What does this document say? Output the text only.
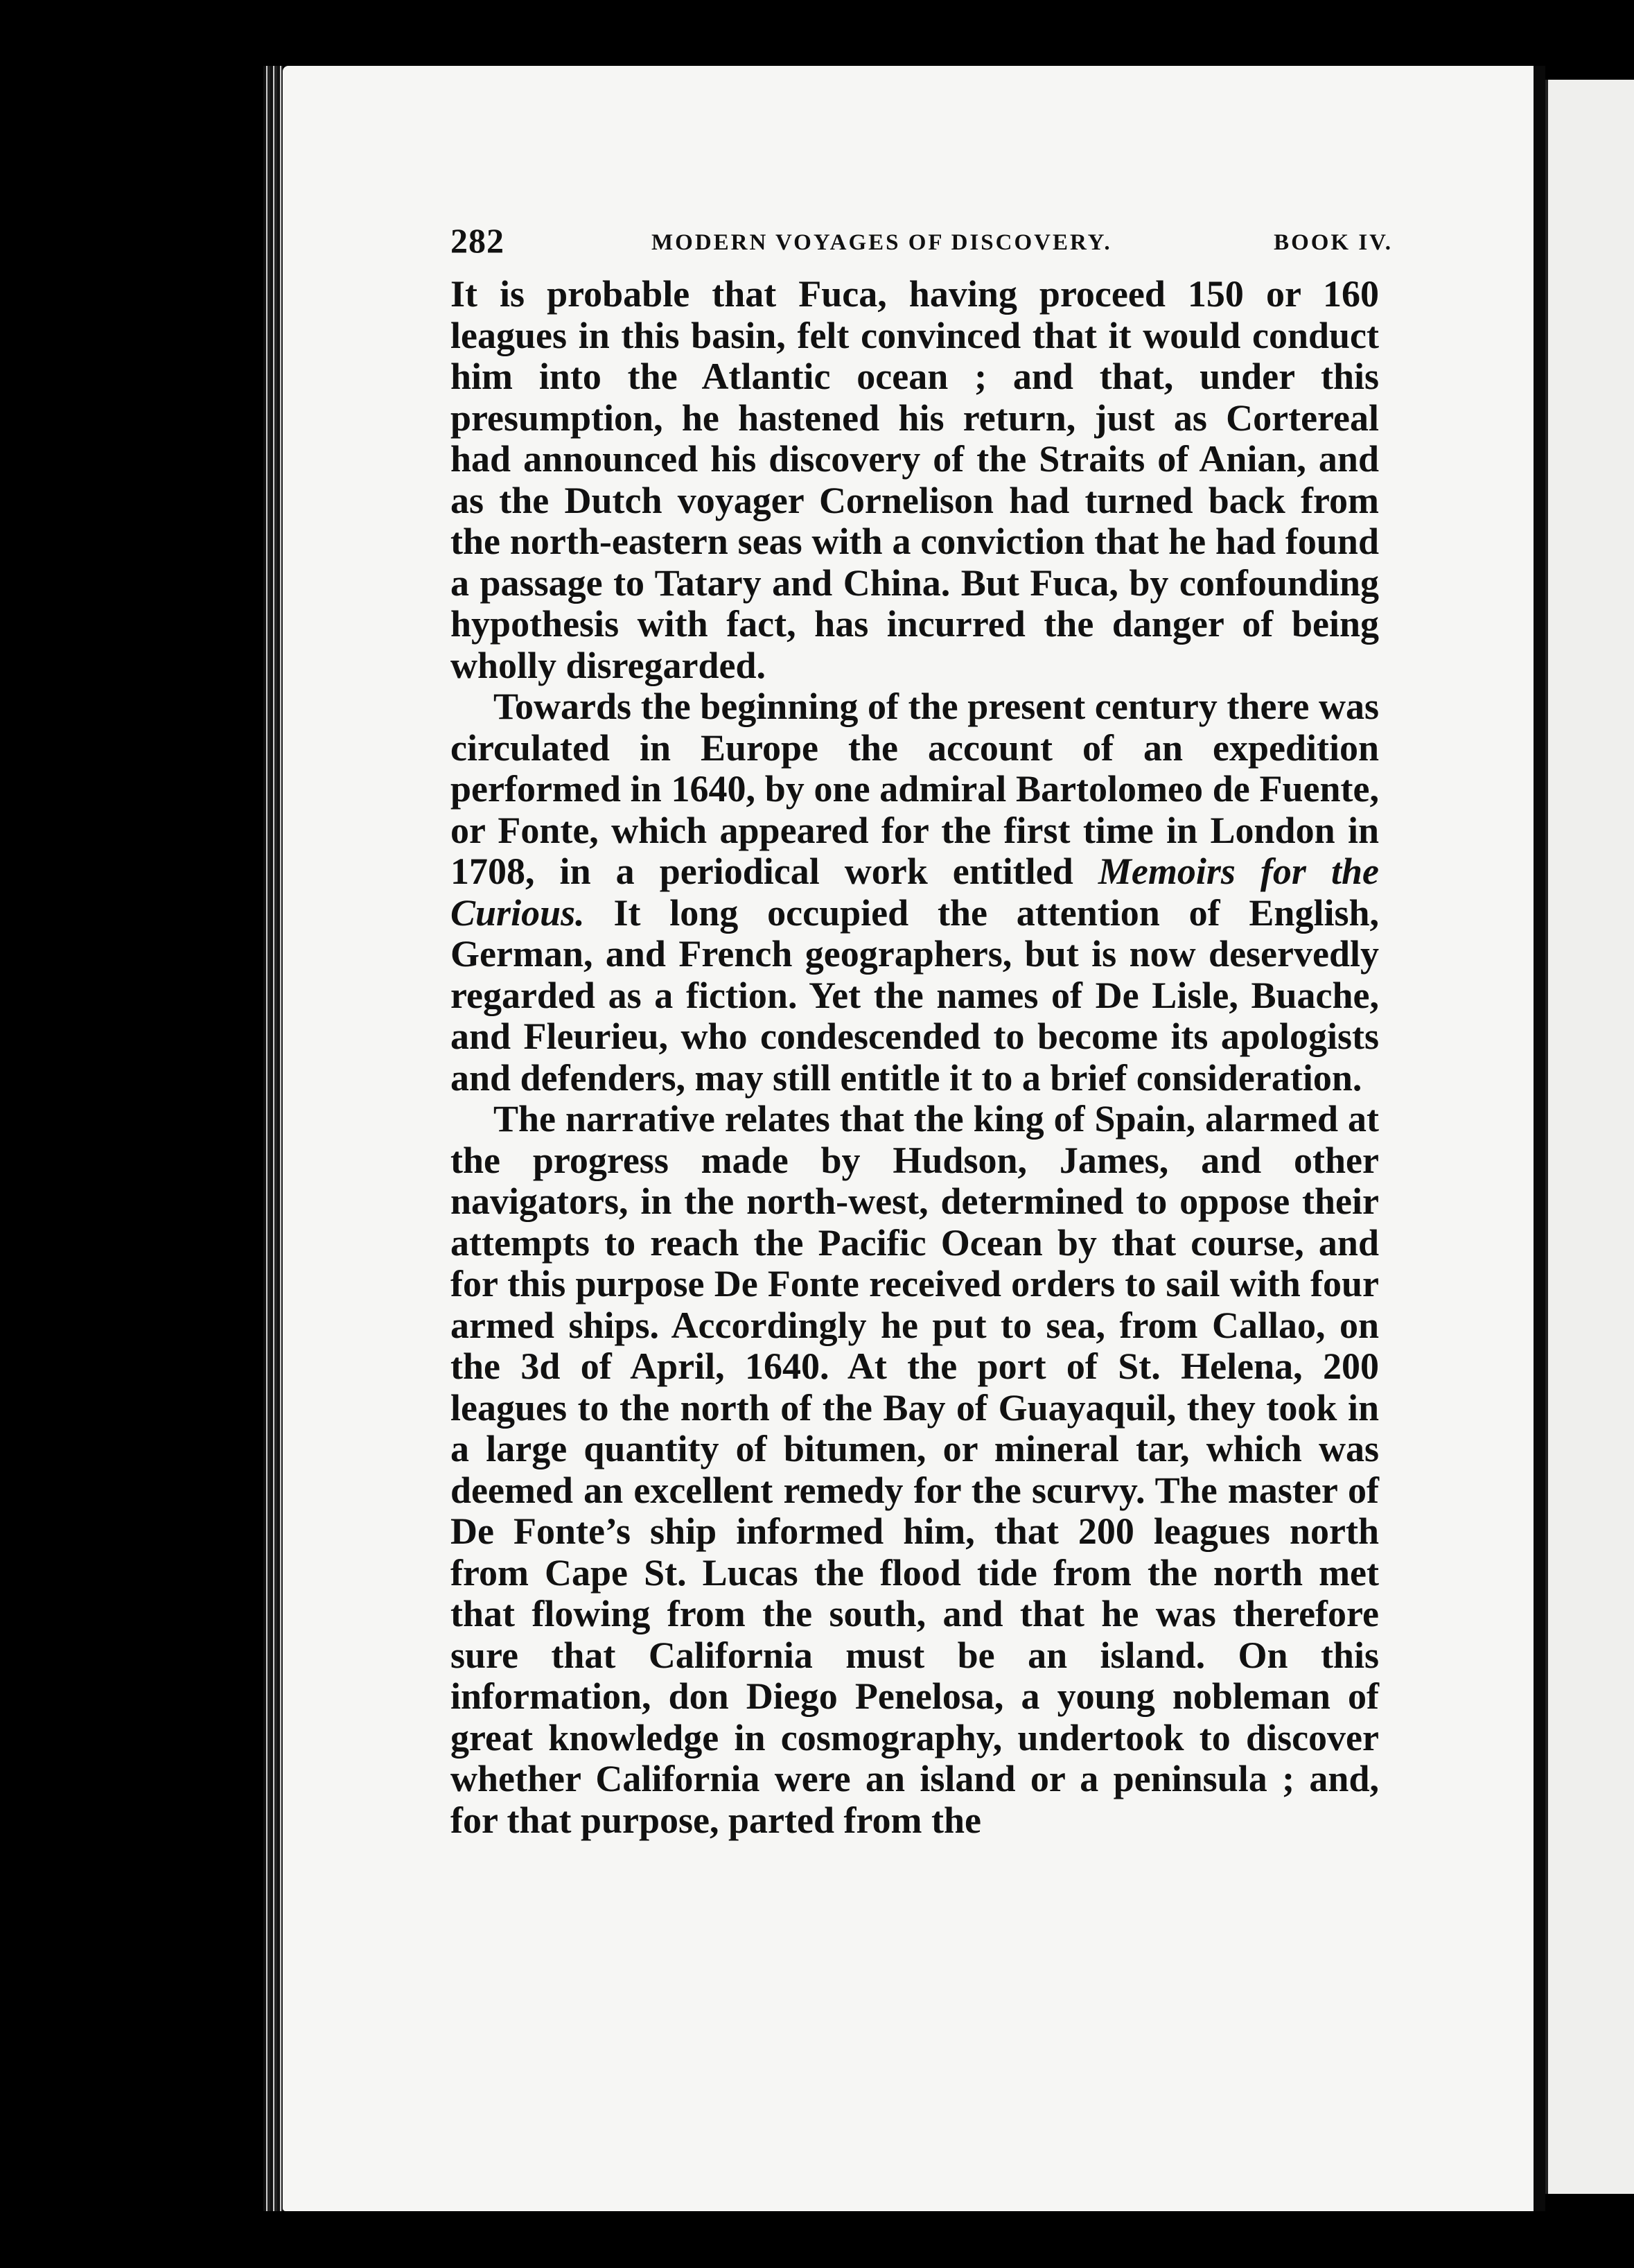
282	MODERN VOYAGES OF DISCOVERY.	BOOK IV.

It is probable that Fuca, having proceed 150 or 160 leagues in this basin, felt convinced that it would conduct him into the Atlantic ocean ; and that, under this presumption, he hastened his return, just as Cortereal had announced his discovery of the Straits of Anian, and as the Dutch voyager Cornelison had turned back from the north-eastern seas with a conviction that he had found a passage to Tatary and China. But Fuca, by confounding hypothesis with fact, has incurred the danger of being wholly disregarded.

Towards the beginning of the present century there was circulated in Europe the account of an expedition performed in 1640, by one admiral Bartolomeo de Fuente, or Fonte, which appeared for the first time in London in 1708, in a periodical work entitled Memoirs for the Curious. It long occupied the attention of English, German, and French geographers, but is now deservedly regarded as a fiction. Yet the names of De Lisle, Buache, and Fleurieu, who condescended to become its apologists and defenders, may still entitle it to a brief consideration.

The narrative relates that the king of Spain, alarmed at the progress made by Hudson, James, and other navigators, in the north-west, determined to oppose their attempts to reach the Pacific Ocean by that course, and for this purpose De Fonte received orders to sail with four armed ships. Accordingly he put to sea, from Callao, on the 3d of April, 1640. At the port of St. Helena, 200 leagues to the north of the Bay of Guayaquil, they took in a large quantity of bitumen, or mineral tar, which was deemed an excellent remedy for the scurvy. The master of De Fonte’s ship informed him, that 200 leagues north from Cape St. Lucas the flood tide from the north met that flowing from the south, and that he was therefore sure that California must be an island. On this information, don Diego Penelosa, a young nobleman of great knowledge in cosmography, undertook to discover whether California were an island or a peninsula ; and, for that purpose, parted from the
